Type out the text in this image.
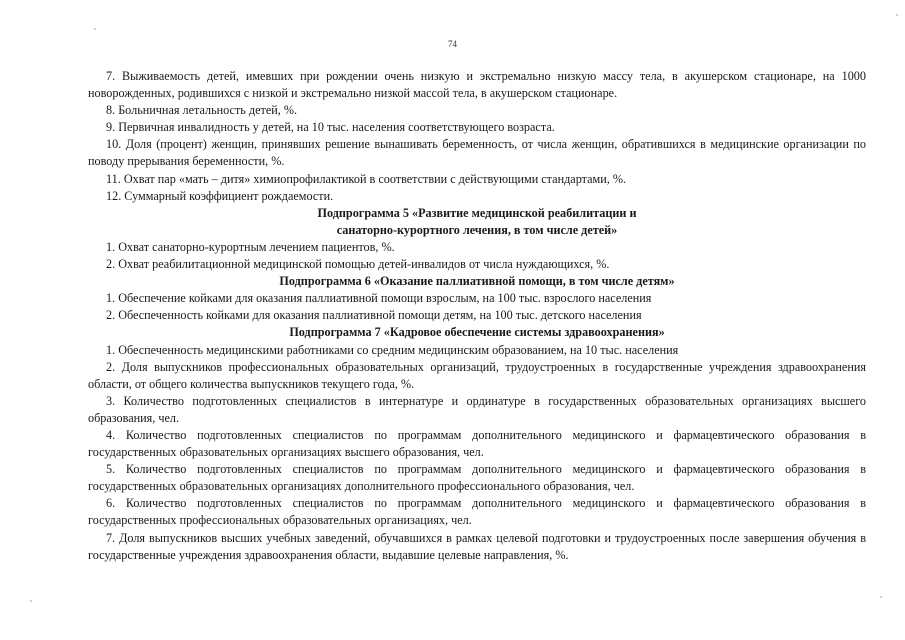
74

7. Выживаемость детей, имевших при рождении очень низкую и экстремально низкую массу тела, в акушерском стационаре, на 1000 новорожденных, родившихся с низкой и экстремально низкой массой тела, в акушерском стационаре.

8. Больничная летальность детей, %.

9. Первичная инвалидность у детей, на 10 тыс. населения соответствующего возраста.

10. Доля (процент) женщин, принявших решение вынашивать беременность, от числа женщин, обратившихся в медицинские организации по поводу прерывания беременности, %.

11. Охват пар «мать – дитя» химиопрофилактикой в соответствии с действующими стандартами, %.

12. Суммарный коэффициент рождаемости.

Подпрограмма 5 «Развитие медицинской реабилитации и
санаторно-курортного лечения, в том числе детей»

1. Охват санаторно-курортным лечением пациентов, %.

2. Охват реабилитационной медицинской помощью детей-инвалидов от числа нуждающихся, %.

Подпрограмма 6 «Оказание паллиативной помощи, в том числе детям»

1. Обеспечение койками для оказания паллиативной помощи взрослым, на 100 тыс. взрослого населения

2. Обеспеченность койками для оказания паллиативной помощи детям, на 100 тыс. детского населения

Подпрограмма 7 «Кадровое обеспечение системы здравоохранения»

1. Обеспеченность медицинскими работниками со средним медицинским образованием, на 10 тыс. населения

2. Доля выпускников профессиональных образовательных организаций, трудоустроенных в государственные учреждения здравоохранения области, от общего количества выпускников текущего года, %.

3. Количество подготовленных специалистов в интернатуре и ординатуре в государственных образовательных организациях высшего образования, чел.

4. Количество подготовленных специалистов по программам дополнительного медицинского и фармацевтического образования в государственных образовательных организациях высшего образования, чел.

5. Количество подготовленных специалистов по программам дополнительного медицинского и фармацевтического образования в государственных образовательных организациях дополнительного профессионального образования, чел.

6. Количество подготовленных специалистов по программам дополнительного медицинского и фармацевтического образования в государственных профессиональных образовательных организациях, чел.

7. Доля выпускников высших учебных заведений, обучавшихся в рамках целевой подготовки и трудоустроенных после завершения обучения в государственные учреждения здравоохранения области, выдавшие целевые направления, %.
